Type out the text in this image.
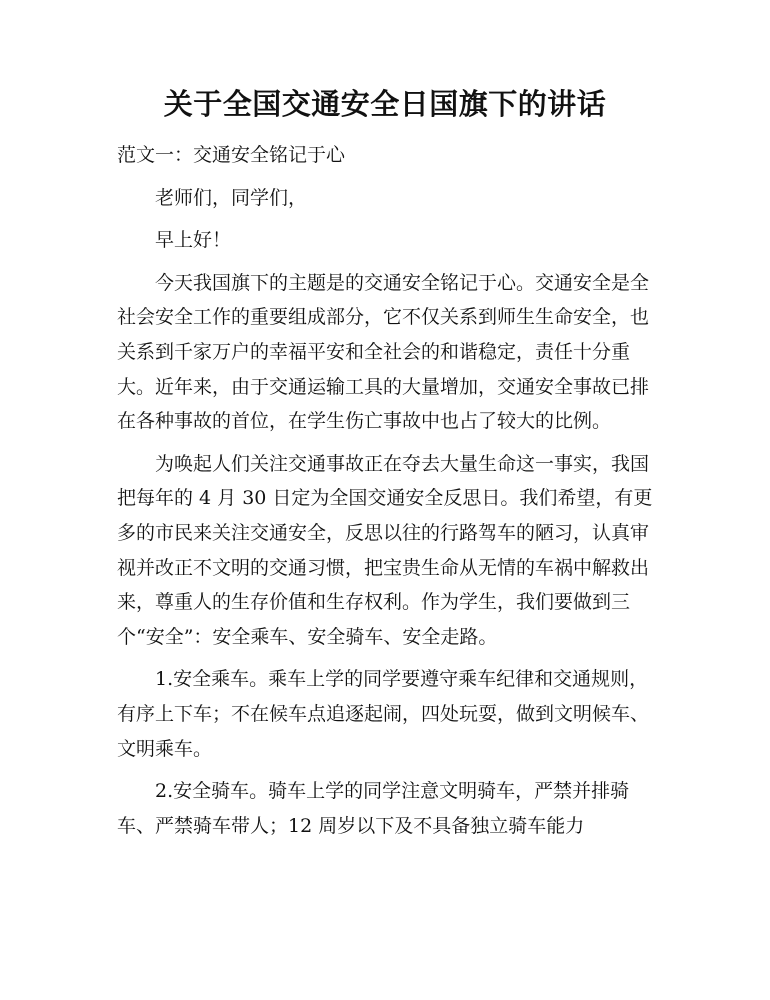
关于全国交通安全日国旗下的讲话

范文一：交通安全铭记于心

老师们，同学们，

早上好！

今天我国旗下的主题是的交通安全铭记于心。交通安全是全社会安全工作的重要组成部分，它不仅关系到师生生命安全，也关系到千家万户的幸福平安和全社会的和谐稳定，责任十分重大。近年来，由于交通运输工具的大量增加，交通安全事故已排在各种事故的首位，在学生伤亡事故中也占了较大的比例。

为唤起人们关注交通事故正在夺去大量生命这一事实，我国把每年的 4 月 30 日定为全国交通安全反思日。我们希望，有更多的市民来关注交通安全，反思以往的行路驾车的陋习，认真审视并改正不文明的交通习惯，把宝贵生命从无情的车祸中解救出来，尊重人的生存价值和生存权利。作为学生，我们要做到三个“安全”：安全乘车、安全骑车、安全走路。

1.安全乘车。乘车上学的同学要遵守乘车纪律和交通规则，有序上下车；不在候车点追逐起闹，四处玩耍，做到文明候车、文明乘车。

2.安全骑车。骑车上学的同学注意文明骑车，严禁并排骑车、严禁骑车带人；12 周岁以下及不具备独立骑车能力
